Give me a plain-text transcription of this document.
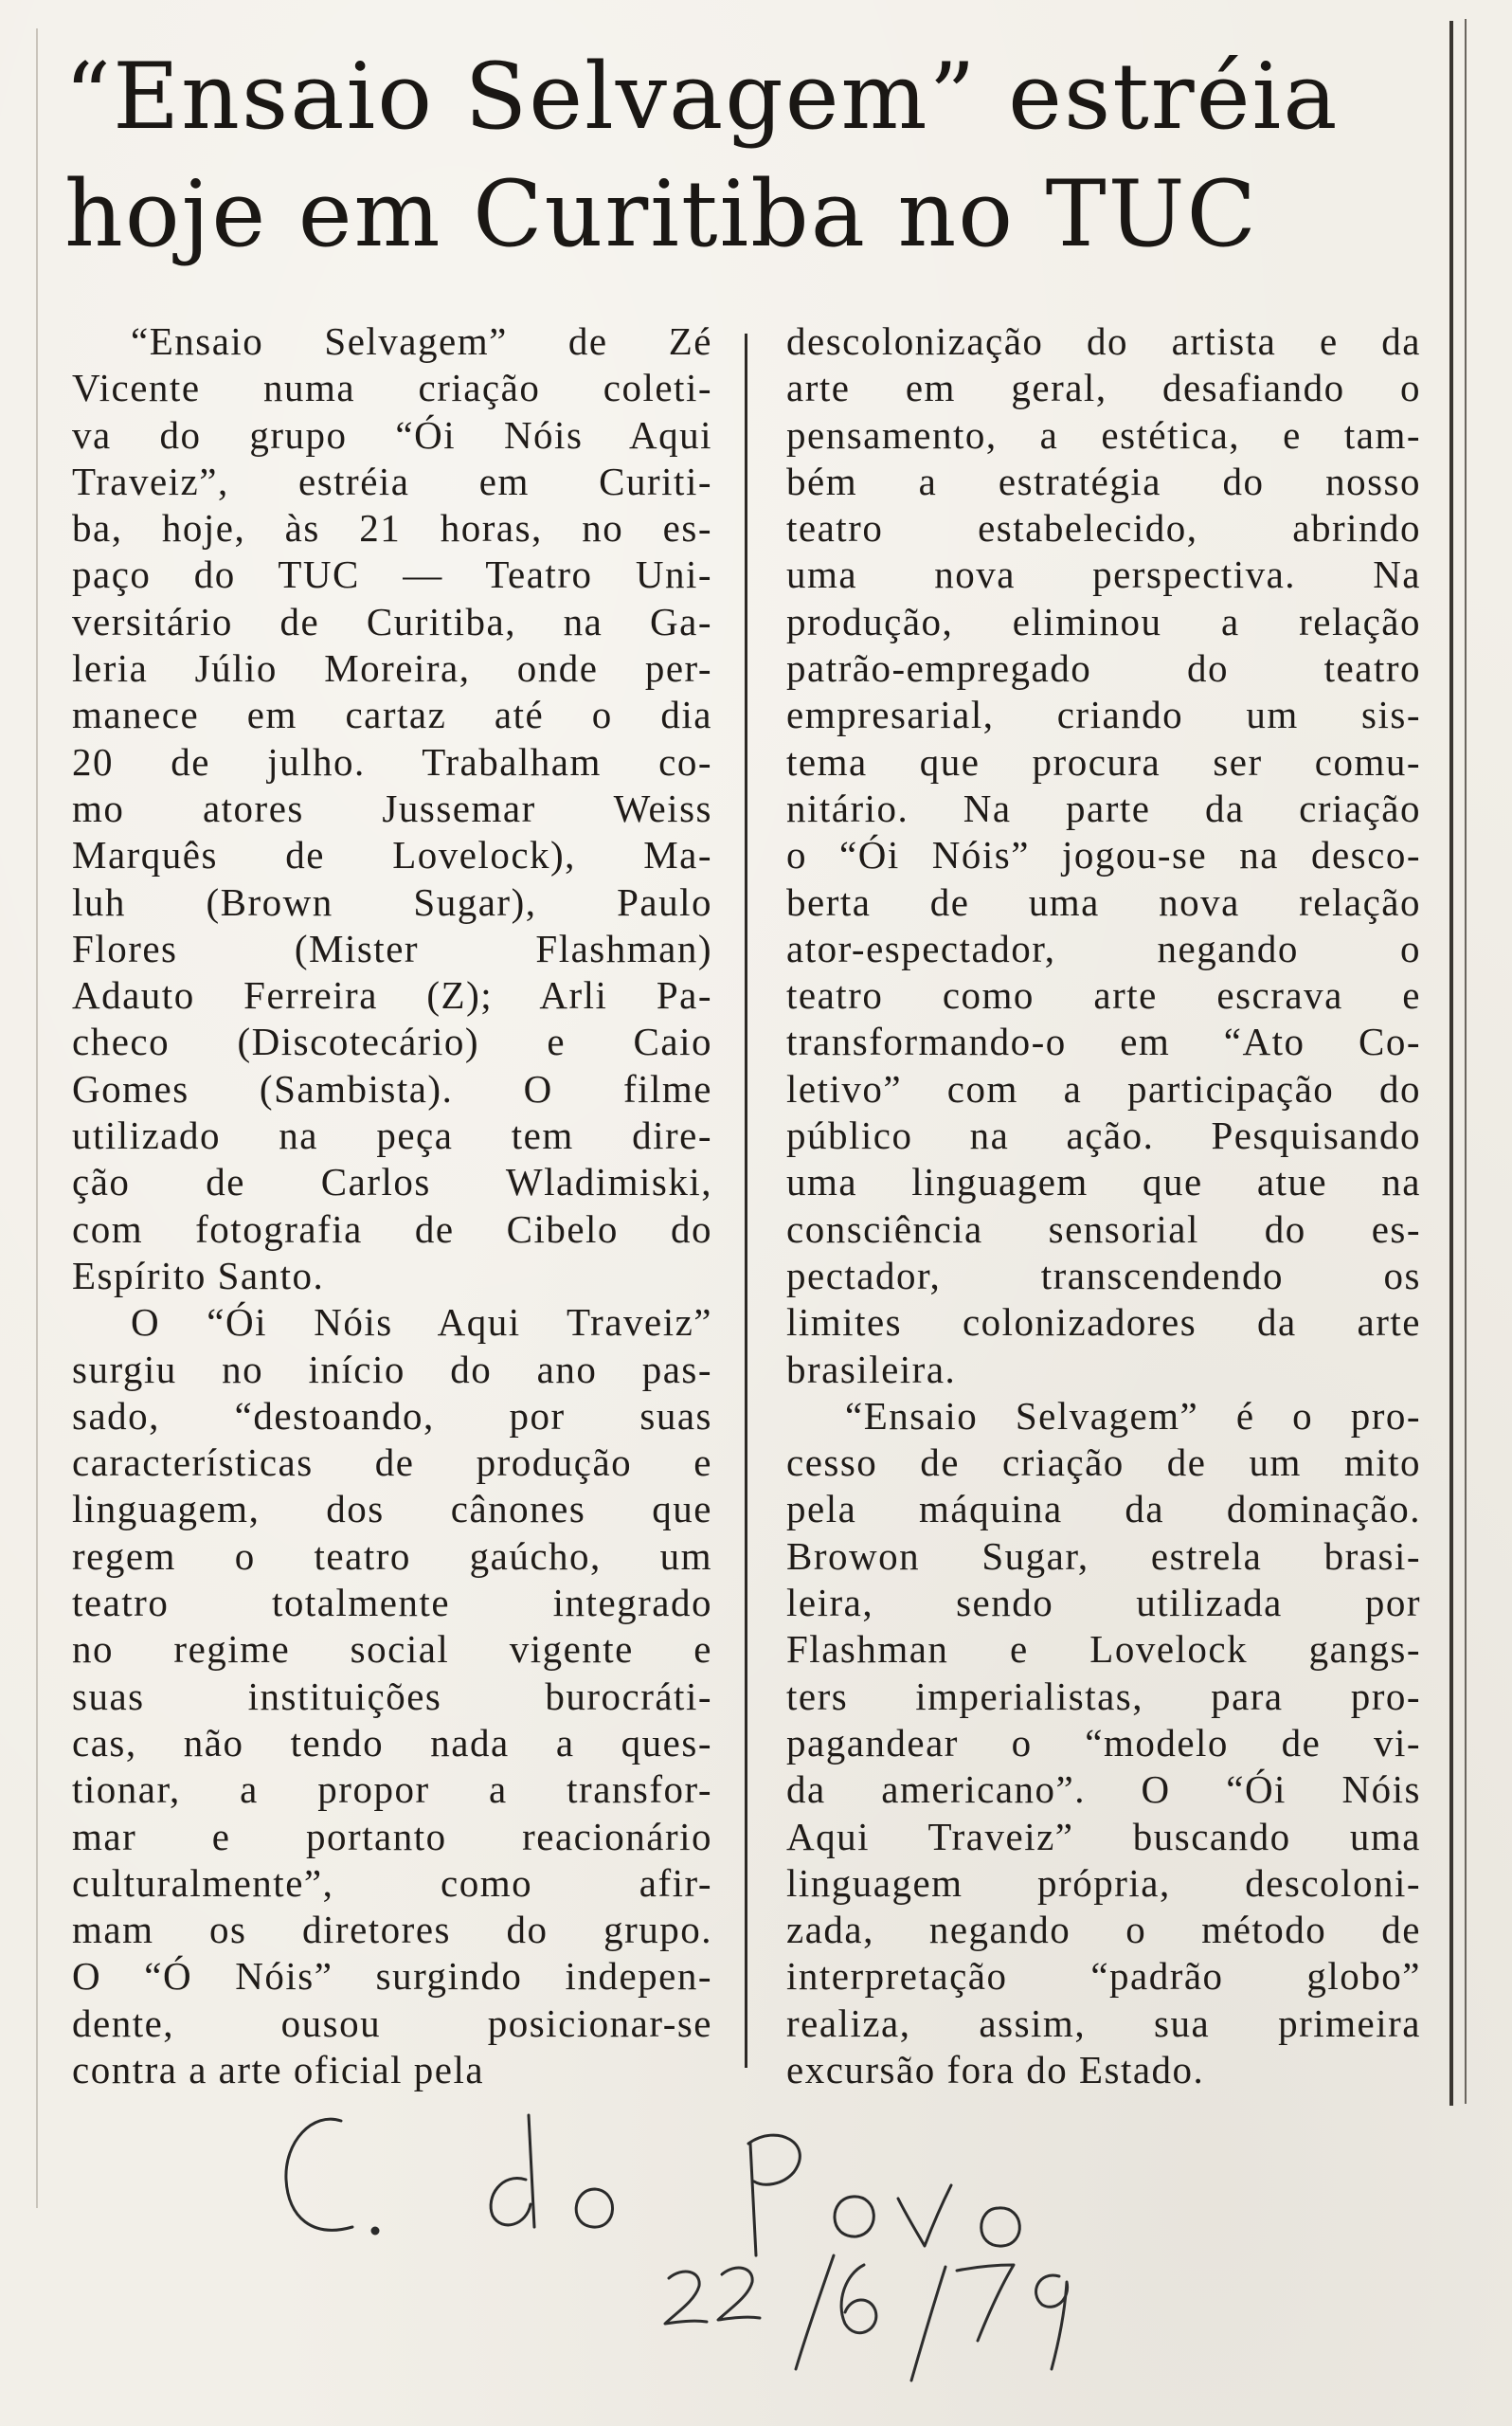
“Ensaio Selvagem” estréia
hoje em Curitiba no TUC
“Ensaio Selvagem” de Zé
Vicente numa criação coleti-
va do grupo “Ói Nóis Aqui
Traveiz”, estréia em Curiti-
ba, hoje, às 21 horas, no es-
paço do TUC — Teatro Uni-
versitário de Curitiba, na Ga-
leria Júlio Moreira, onde per-
manece em cartaz até o dia
20 de julho. Trabalham co-
mo atores Jussemar Weiss
Marquês de Lovelock), Ma-
luh (Brown Sugar), Paulo
Flores (Mister Flashman)
Adauto Ferreira (Z); Arli Pa-
checo (Discotecário) e Caio
Gomes (Sambista). O filme
utilizado na peça tem dire-
ção de Carlos Wladimiski,
com fotografia de Cibelo do
Espírito Santo.
O “Ói Nóis Aqui Traveiz”
surgiu no início do ano pas-
sado, “destoando, por suas
características de produção e
linguagem, dos cânones que
regem o teatro gaúcho, um
teatro totalmente integrado
no regime social vigente e
suas instituições burocráti-
cas, não tendo nada a ques-
tionar, a propor a transfor-
mar e portanto reacionário
culturalmente”, como afir-
mam os diretores do grupo.
O “Ó Nóis” surgindo indepen-
dente, ousou posicionar-se
contra a arte oficial pela
descolonização do artista e da
arte em geral, desafiando o
pensamento, a estética, e tam-
bém a estratégia do nosso
teatro estabelecido, abrindo
uma nova perspectiva. Na
produção, eliminou a relação
patrão-empregado do teatro
empresarial, criando um sis-
tema que procura ser comu-
nitário. Na parte da criação
o “Ói Nóis” jogou-se na desco-
berta de uma nova relação
ator-espectador, negando o
teatro como arte escrava e
transformando-o em “Ato Co-
letivo” com a participação do
público na ação. Pesquisando
uma linguagem que atue na
consciência sensorial do es-
pectador, transcendendo os
limites colonizadores da arte
brasileira.
“Ensaio Selvagem” é o pro-
cesso de criação de um mito
pela máquina da dominação.
Browon Sugar, estrela brasi-
leira, sendo utilizada por
Flashman e Lovelock gangs-
ters imperialistas, para pro-
pagandear o “modelo de vi-
da americano”. O “Ói Nóis
Aqui Traveiz” buscando uma
linguagem própria, descoloni-
zada, negando o método de
interpretação “padrão globo”
realiza, assim, sua primeira
excursão fora do Estado.
